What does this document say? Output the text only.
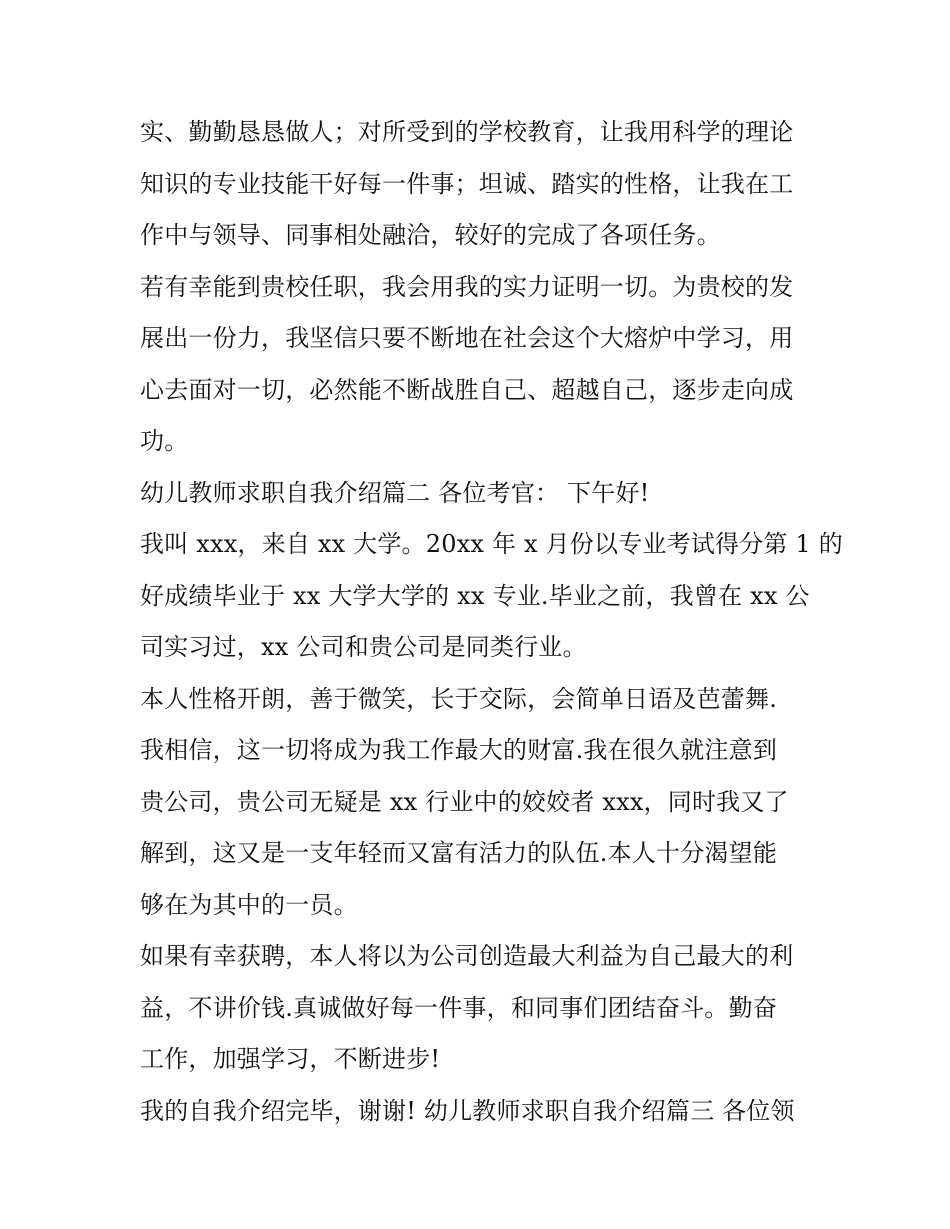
实、勤勤恳恳做人；对所受到的学校教育，让我用科学的理论

知识的专业技能干好每一件事；坦诚、踏实的性格，让我在工

作中与领导、同事相处融洽，较好的完成了各项任务。

若有幸能到贵校任职，我会用我的实力证明一切。为贵校的发

展出一份力，我坚信只要不断地在社会这个大熔炉中学习，用

心去面对一切，必然能不断战胜自己、超越自己，逐步走向成

功。

幼儿教师求职自我介绍篇二 各位考官： 下午好!

我叫 xxx，来自 xx 大学。20xx 年 x 月份以专业考试得分第 1 的

好成绩毕业于 xx 大学大学的 xx 专业.毕业之前，我曾在 xx 公

司实习过，xx 公司和贵公司是同类行业。

本人性格开朗，善于微笑，长于交际，会简单日语及芭蕾舞.

我相信，这一切将成为我工作最大的财富.我在很久就注意到

贵公司，贵公司无疑是 xx 行业中的姣姣者 xxx，同时我又了

解到，这又是一支年轻而又富有活力的队伍.本人十分渴望能

够在为其中的一员。

如果有幸获聘，本人将以为公司创造最大利益为自己最大的利

益，不讲价钱.真诚做好每一件事，和同事们团结奋斗。勤奋

工作，加强学习，不断进步!

我的自我介绍完毕，谢谢! 幼儿教师求职自我介绍篇三 各位领
